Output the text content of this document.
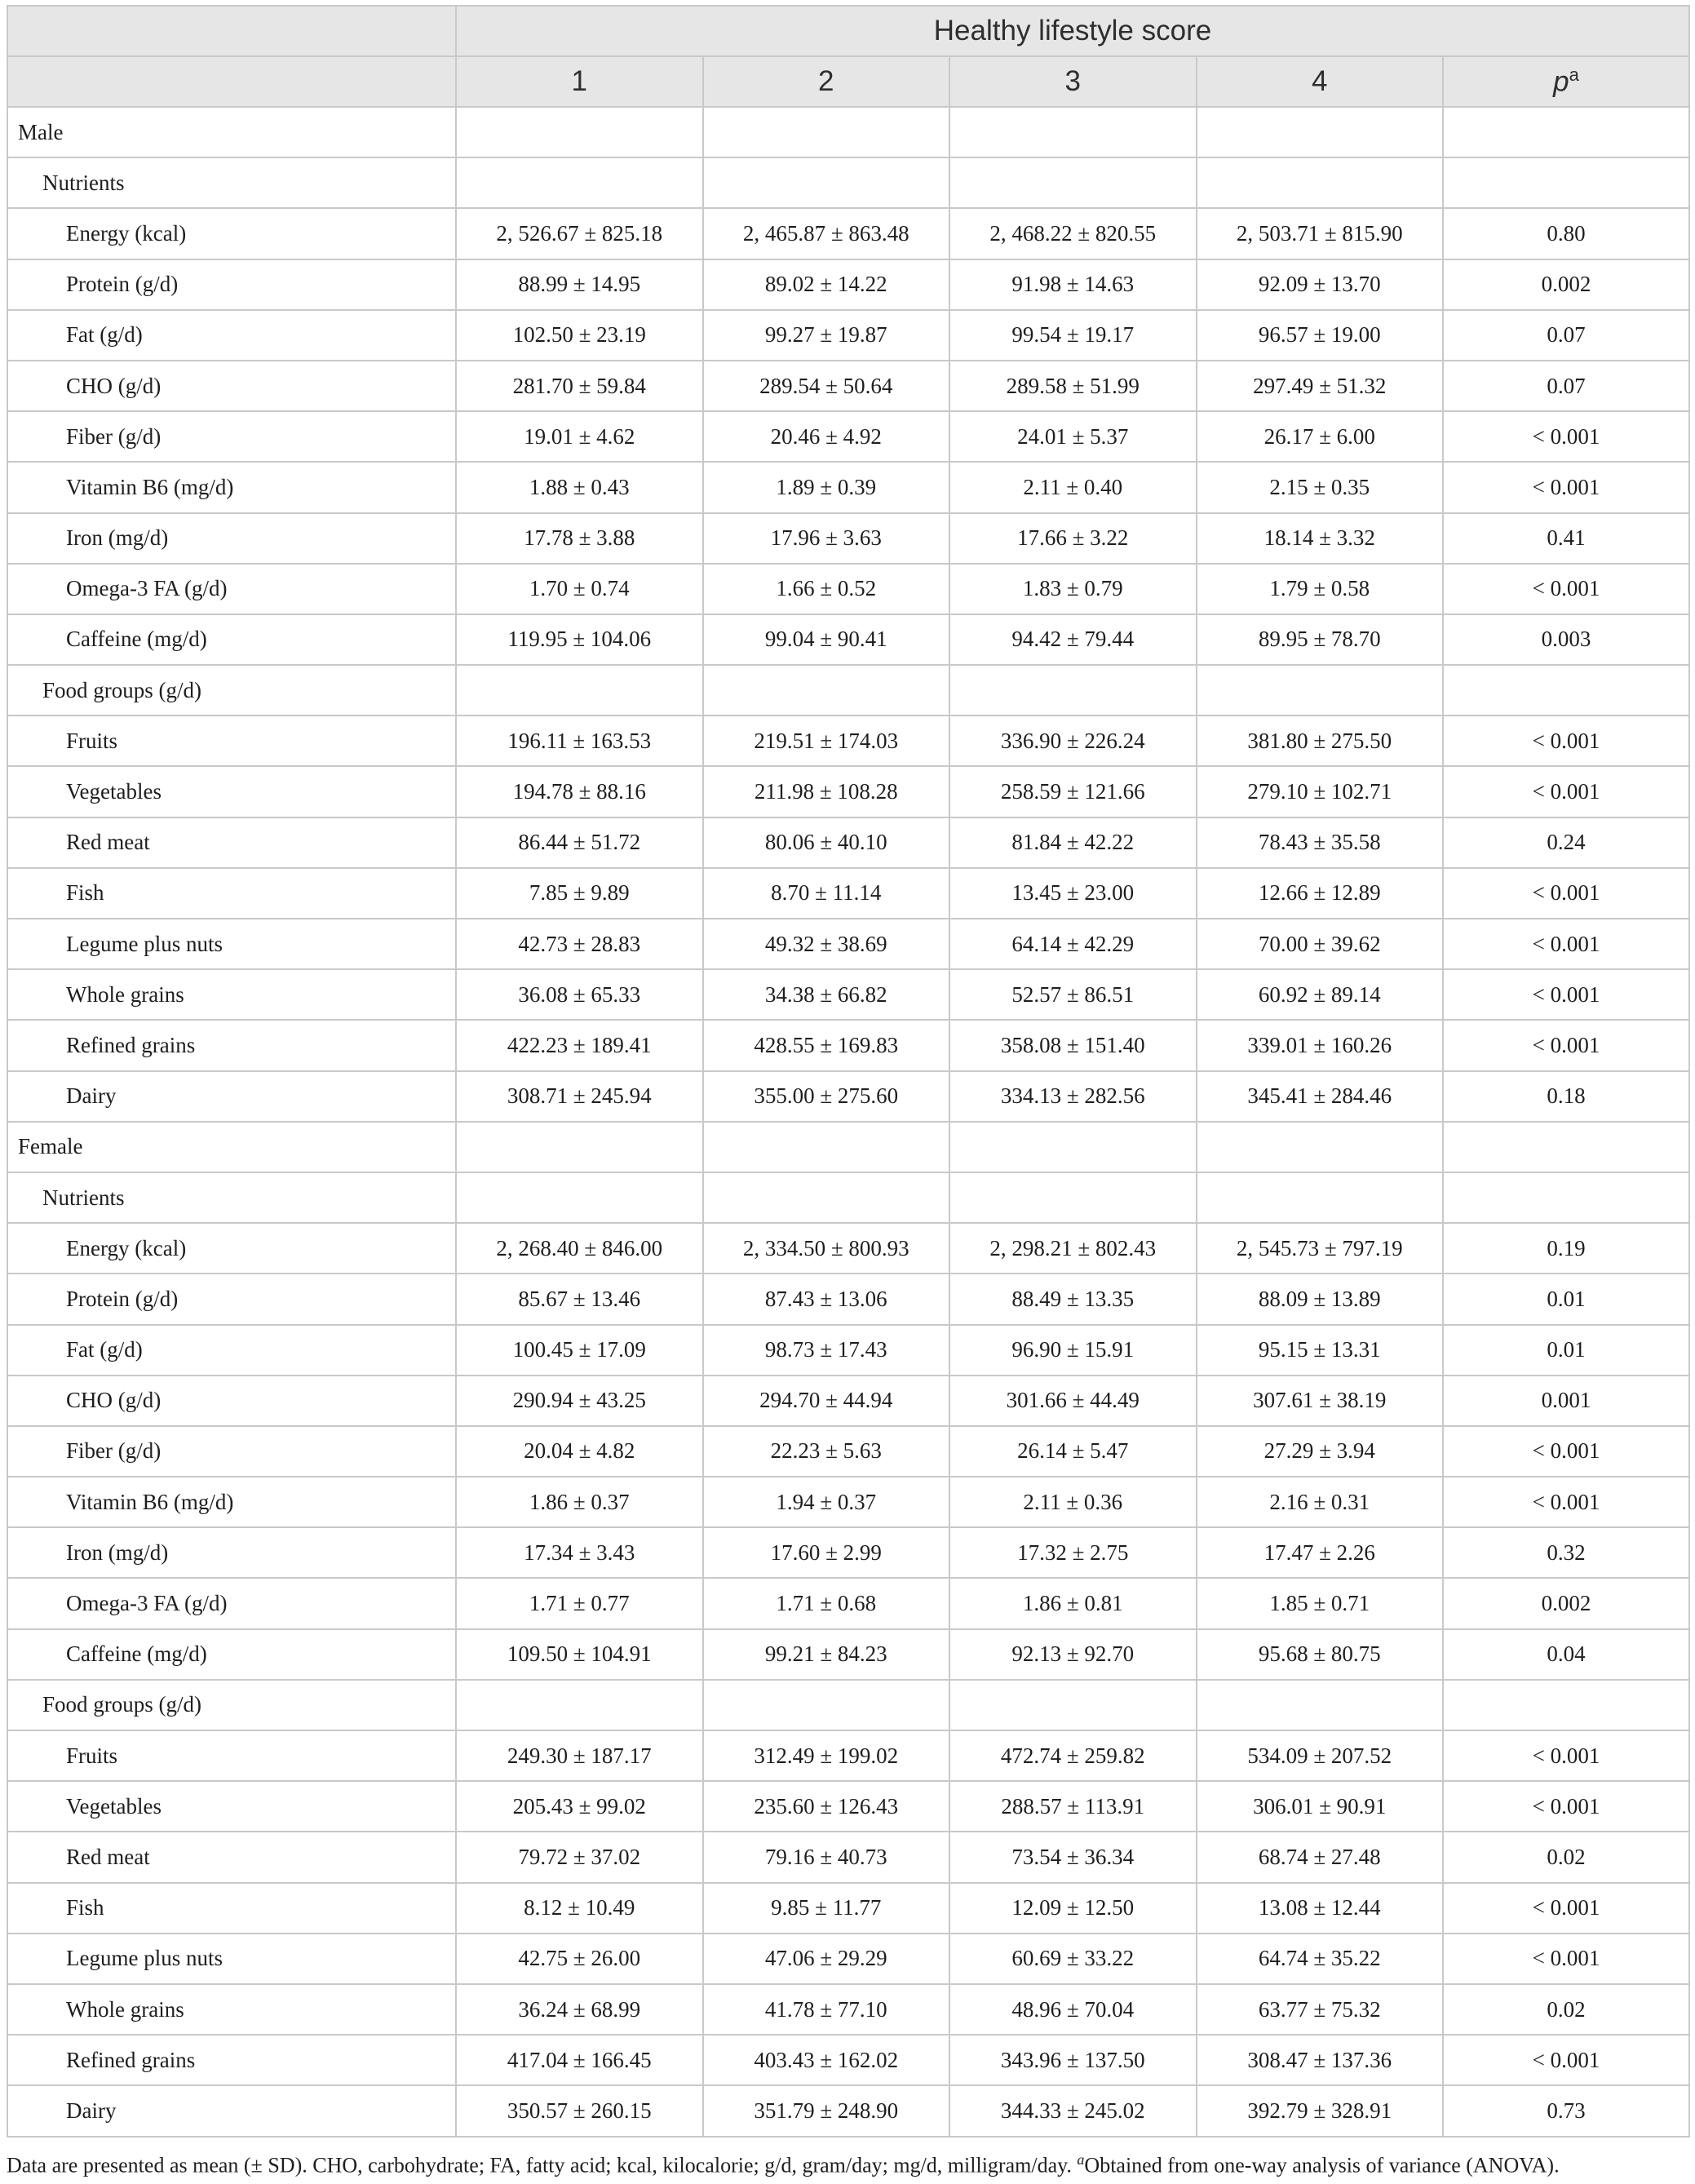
	Healthy lifestyle score				
	1	2	3	4	$p^a$
Male					
Nutrients					
Energy (kcal)	2, 526.67 ± 825.18	2, 465.87 ± 863.48	2, 468.22 ± 820.55	2, 503.71 ± 815.90	0.80
Protein (g/d)	88.99 ± 14.95	89.02 ± 14.22	91.98 ± 14.63	92.09 ± 13.70	0.002
Fat (g/d)	102.50 ± 23.19	99.27 ± 19.87	99.54 ± 19.17	96.57 ± 19.00	0.07
CHO (g/d)	281.70 ± 59.84	289.54 ± 50.64	289.58 ± 51.99	297.49 ± 51.32	0.07
Fiber (g/d)	19.01 ± 4.62	20.46 ± 4.92	24.01 ± 5.37	26.17 ± 6.00	< 0.001
Vitamin B6 (mg/d)	1.88 ± 0.43	1.89 ± 0.39	2.11 ± 0.40	2.15 ± 0.35	< 0.001
Iron (mg/d)	17.78 ± 3.88	17.96 ± 3.63	17.66 ± 3.22	18.14 ± 3.32	0.41
Omega-3 FA (g/d)	1.70 ± 0.74	1.66 ± 0.52	1.83 ± 0.79	1.79 ± 0.58	< 0.001
Caffeine (mg/d)	119.95 ± 104.06	99.04 ± 90.41	94.42 ± 79.44	89.95 ± 78.70	0.003
Food groups (g/d)					
Fruits	196.11 ± 163.53	219.51 ± 174.03	336.90 ± 226.24	381.80 ± 275.50	< 0.001
Vegetables	194.78 ± 88.16	211.98 ± 108.28	258.59 ± 121.66	279.10 ± 102.71	< 0.001
Red meat	86.44 ± 51.72	80.06 ± 40.10	81.84 ± 42.22	78.43 ± 35.58	0.24
Fish	7.85 ± 9.89	8.70 ± 11.14	13.45 ± 23.00	12.66 ± 12.89	< 0.001
Legume plus nuts	42.73 ± 28.83	49.32 ± 38.69	64.14 ± 42.29	70.00 ± 39.62	< 0.001
Whole grains	36.08 ± 65.33	34.38 ± 66.82	52.57 ± 86.51	60.92 ± 89.14	< 0.001
Refined grains	422.23 ± 189.41	428.55 ± 169.83	358.08 ± 151.40	339.01 ± 160.26	< 0.001
Dairy	308.71 ± 245.94	355.00 ± 275.60	334.13 ± 282.56	345.41 ± 284.46	0.18
Female					
Nutrients					
Energy (kcal)	2, 268.40 ± 846.00	2, 334.50 ± 800.93	2, 298.21 ± 802.43	2, 545.73 ± 797.19	0.19
Protein (g/d)	85.67 ± 13.46	87.43 ± 13.06	88.49 ± 13.35	88.09 ± 13.89	0.01
Fat (g/d)	100.45 ± 17.09	98.73 ± 17.43	96.90 ± 15.91	95.15 ± 13.31	0.01
CHO (g/d)	290.94 ± 43.25	294.70 ± 44.94	301.66 ± 44.49	307.61 ± 38.19	0.001
Fiber (g/d)	20.04 ± 4.82	22.23 ± 5.63	26.14 ± 5.47	27.29 ± 3.94	< 0.001
Vitamin B6 (mg/d)	1.86 ± 0.37	1.94 ± 0.37	2.11 ± 0.36	2.16 ± 0.31	< 0.001
Iron (mg/d)	17.34 ± 3.43	17.60 ± 2.99	17.32 ± 2.75	17.47 ± 2.26	0.32
Omega-3 FA (g/d)	1.71 ± 0.77	1.71 ± 0.68	1.86 ± 0.81	1.85 ± 0.71	0.002
Caffeine (mg/d)	109.50 ± 104.91	99.21 ± 84.23	92.13 ± 92.70	95.68 ± 80.75	0.04
Food groups (g/d)					
Fruits	249.30 ± 187.17	312.49 ± 199.02	472.74 ± 259.82	534.09 ± 207.52	< 0.001
Vegetables	205.43 ± 99.02	235.60 ± 126.43	288.57 ± 113.91	306.01 ± 90.91	< 0.001
Red meat	79.72 ± 37.02	79.16 ± 40.73	73.54 ± 36.34	68.74 ± 27.48	0.02
Fish	8.12 ± 10.49	9.85 ± 11.77	12.09 ± 12.50	13.08 ± 12.44	< 0.001
Legume plus nuts	42.75 ± 26.00	47.06 ± 29.29	60.69 ± 33.22	64.74 ± 35.22	< 0.001
Whole grains	36.24 ± 68.99	41.78 ± 77.10	48.96 ± 70.04	63.77 ± 75.32	0.02
Refined grains	417.04 ± 166.45	403.43 ± 162.02	343.96 ± 137.50	308.47 ± 137.36	< 0.001
Dairy	350.57 ± 260.15	351.79 ± 248.90	344.33 ± 245.02	392.79 ± 328.91	0.73
Data are presented as mean (± SD). CHO, carbohydrate; FA, fatty acid; kcal, kilocalorie; g/d, gram/day; mg/d, milligram/day. $^a$Obtained from one-way analysis of variance (ANOVA).
